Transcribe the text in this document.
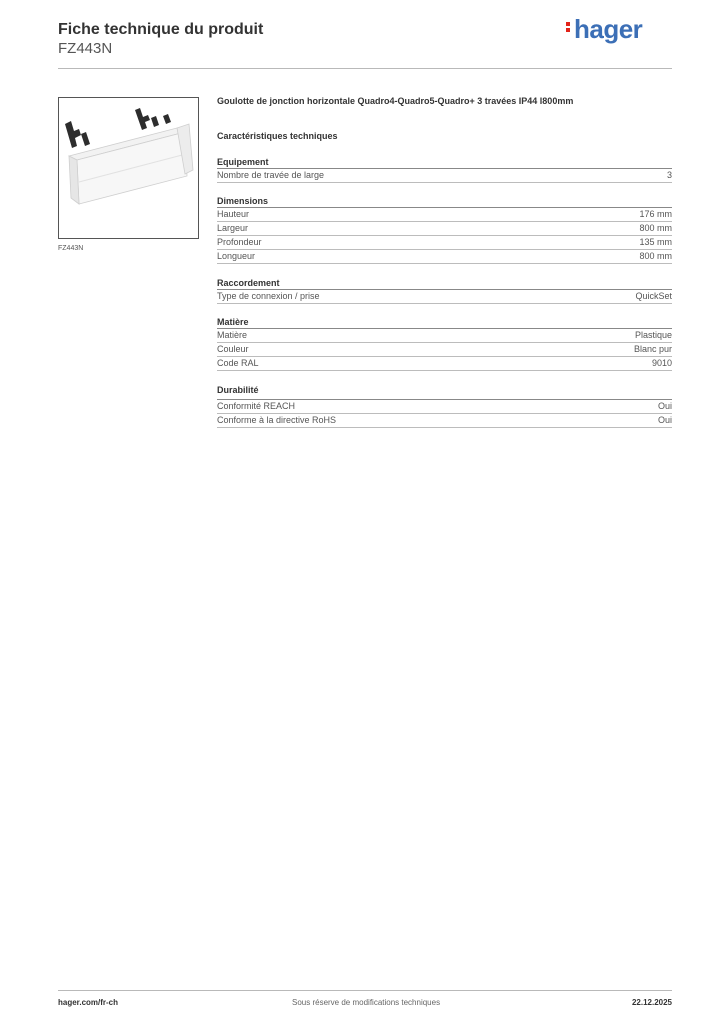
Fiche technique du produit
FZ443N
hager
FZ443N
Goulotte de jonction horizontale Quadro4-Quadro5-Quadro+ 3 travées IP44 l800mm
Caractéristiques techniques
Equipement
Nombre de travée de large	3
Dimensions
Hauteur	176 mm
Largeur	800 mm
Profondeur	135 mm
Longueur	800 mm
Raccordement
Type de connexion / prise	QuickSet
Matière
Matière	Plastique
Couleur	Blanc pur
Code RAL	9010
Durabilité
Conformité REACH	Oui
Conforme à la directive RoHS	Oui
hager.com/fr-ch	Sous réserve de modifications techniques	22.12.2025
